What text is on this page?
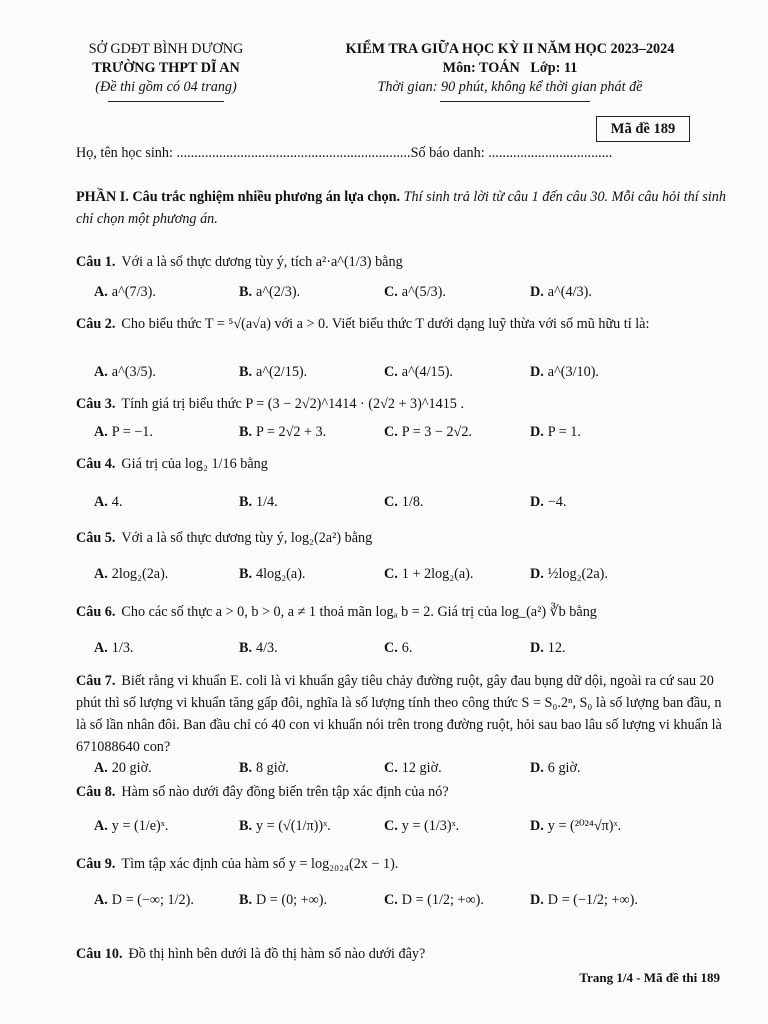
SỞ GDĐT BÌNH DƯƠNG
TRƯỜNG THPT DĨ AN
(Đề thi gồm có 04 trang)
KIỂM TRA GIỮA HỌC KỲ II NĂM HỌC 2023–2024
Môn: TOÁN   Lớp: 11
Thời gian: 90 phút, không kể thời gian phát đề
Mã đề 189
Họ, tên học sinh: ..................................................................Số báo danh: ...................................
PHẦN I. Câu trắc nghiệm nhiều phương án lựa chọn. Thí sinh trả lời từ câu 1 đến câu 30. Mỗi câu hỏi thí sinh chỉ chọn một phương án.
Câu 1. Với a là số thực dương tùy ý, tích a²·a^(1/3) bằng
A. a^(7/3).	B. a^(2/3).	C. a^(5/3).	D. a^(4/3).
Câu 2. Cho biểu thức T = ⁵√(a√a) với a > 0. Viết biểu thức T dưới dạng luỹ thừa với số mũ hữu tỉ là:
A. a^(3/5).	B. a^(2/15).	C. a^(4/15).	D. a^(3/10).
Câu 3. Tính giá trị biểu thức P = (3 − 2√2)^1414 · (2√2 + 3)^1415 .
A. P = −1.	B. P = 2√2 + 3.	C. P = 3 − 2√2.	D. P = 1.
Câu 4. Giá trị của log₂ 1/16 bằng
A. 4.	B. 1/4.	C. 1/8.	D. −4.
Câu 5. Với a là số thực dương tùy ý, log₂(2a²) bằng
A. 2log₂(2a).	B. 4log₂(a).	C. 1 + 2log₂(a).	D. ½log₂(2a).
Câu 6. Cho các số thực a > 0, b > 0, a ≠ 1 thoả mãn logₐ b = 2. Giá trị của log_(a²) ∛b bằng
A. 1/3.	B. 4/3.	C. 6.	D. 12.
Câu 7. Biết rằng vi khuẩn E. coli là vi khuẩn gây tiêu chảy đường ruột, gây đau bụng dữ dội, ngoài ra cứ sau 20 phút thì số lượng vi khuẩn tăng gấp đôi, nghĩa là số lượng tính theo công thức S = S₀.2ⁿ, S₀ là số lượng ban đầu, n là số lần nhân đôi. Ban đầu chỉ có 40 con vi khuẩn nói trên trong đường ruột, hỏi sau bao lâu số lượng vi khuẩn là 671088640 con?
A. 20 giờ.	B. 8 giờ.	C. 12 giờ.	D. 6 giờ.
Câu 8. Hàm số nào dưới đây đồng biến trên tập xác định của nó?
A. y = (1/e)ˣ.	B. y = (√(1/π))ˣ.	C. y = (1/3)ˣ.	D. y = (²⁰²⁴√π)ˣ.
Câu 9. Tìm tập xác định của hàm số y = log₂₀₂₄(2x − 1).
A. D = (−∞; 1/2).	B. D = (0; +∞).	C. D = (1/2; +∞).	D. D = (−1/2; +∞).
Câu 10. Đồ thị hình bên dưới là đồ thị hàm số nào dưới đây?
Trang 1/4 - Mã đề thi 189
